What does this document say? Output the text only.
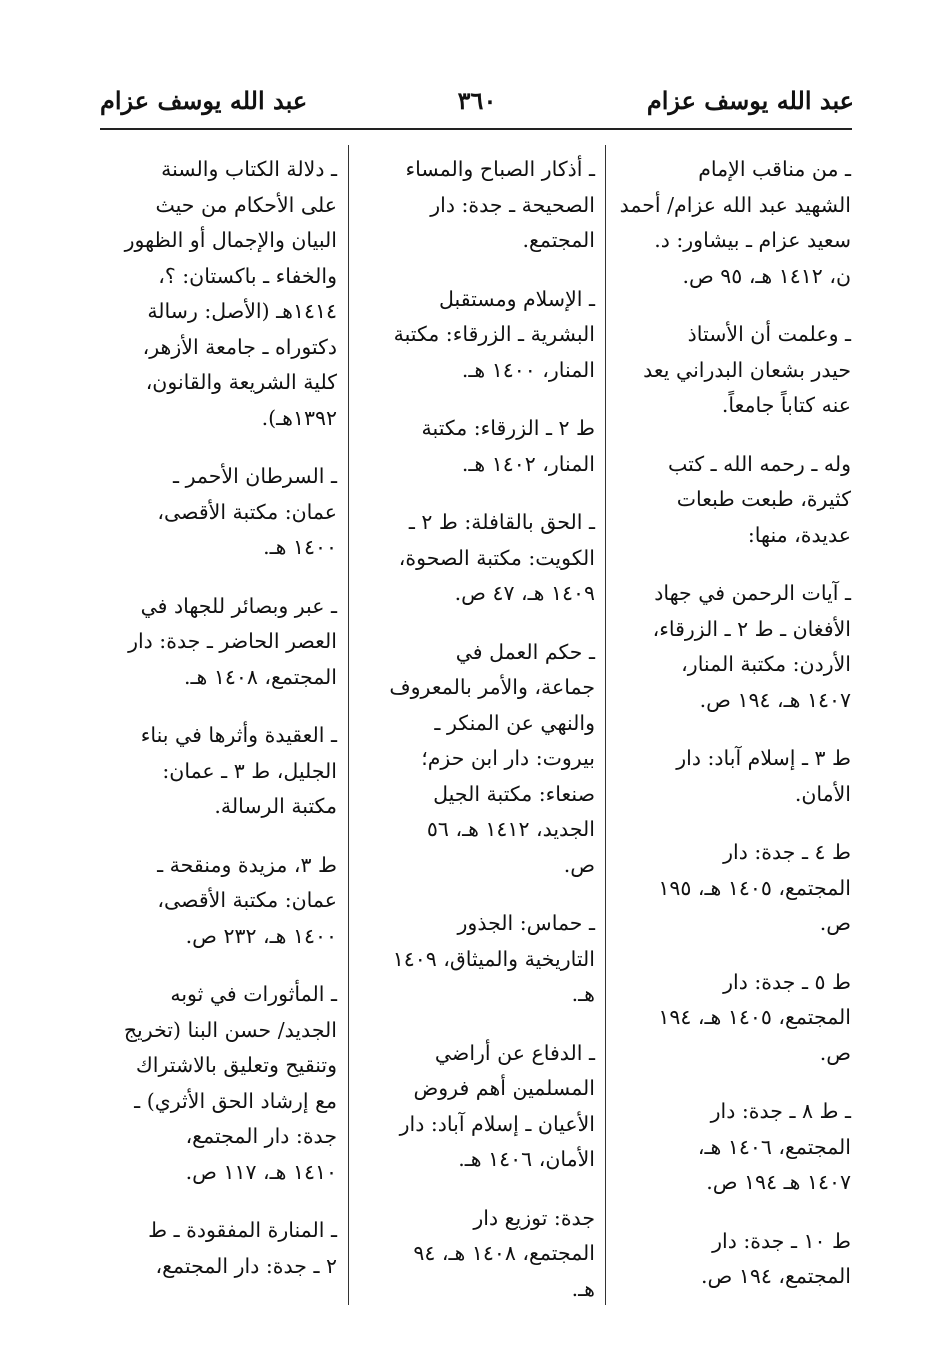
عبد الله يوسف عزام
٣٦٠
عبد الله يوسف عزام
ـ من مناقب الإمام
الشهيد عبد الله عزام/ أحمد
سعيد عزام ـ بيشاور: د.
ن، ١٤١٢ هـ، ٩٥ ص.
ـ وعلمت أن الأستاذ
حيدر بشعان البدراني يعد
عنه كتاباً جامعاً.
وله ـ رحمه الله ـ كتب
كثيرة، طبعت طبعات
عديدة، منها:
ـ آيات الرحمن في جهاد
الأفغان ـ ط ٢ ـ الزرقاء،
الأردن: مكتبة المنار،
١٤٠٧ هـ، ١٩٤ ص.
ط ٣ ـ إسلام آباد: دار
الأمان.
ط ٤ ـ جدة: دار
المجتمع، ١٤٠٥ هـ، ١٩٥
ص.
ط ٥ ـ جدة: دار
المجتمع، ١٤٠٥ هـ، ١٩٤
ص.
ـ ط ٨ ـ جدة: دار
المجتمع، ١٤٠٦ هـ،
١٤٠٧ هـ ١٩٤ ص.
ط ١٠ ـ جدة: دار
المجتمع، ١٩٤ ص.
ـ أذكار الصباح والمساء
الصحيحة ـ جدة: دار
المجتمع.
ـ الإسلام ومستقبل
البشرية ـ الزرقاء: مكتبة
المنار، ١٤٠٠ هـ.
ط ٢ ـ الزرقاء: مكتبة
المنار، ١٤٠٢ هـ.
ـ الحق بالقافلة: ط ٢ ـ
الكويت: مكتبة الصحوة،
١٤٠٩ هـ، ٤٧ ص.
ـ حكم العمل في
جماعة، والأمر بالمعروف
والنهي عن المنكر ـ
بيروت: دار ابن حزم؛
صنعاء: مكتبة الجيل
الجديد، ١٤١٢ هـ، ٥٦
ص.
ـ حماس: الجذور
التاريخية والميثاق، ١٤٠٩
هـ.
ـ الدفاع عن أراضي
المسلمين أهم فروض
الأعيان ـ إسلام آباد: دار
الأمان، ١٤٠٦ هـ.
جدة: توزيع دار
المجتمع، ١٤٠٨ هـ، ٩٤
هـ.
ـ دلالة الكتاب والسنة
على الأحكام من حيث
البيان والإجمال أو الظهور
والخفاء ـ باكستان: ؟،
١٤١٤هـ (الأصل: رسالة
دكتوراه ـ جامعة الأزهر،
كلية الشريعة والقانون،
١٣٩٢هـ).
ـ السرطان الأحمر ـ
عمان: مكتبة الأقصى،
١٤٠٠ هـ.
ـ عبر وبصائر للجهاد في
العصر الحاضر ـ جدة: دار
المجتمع، ١٤٠٨ هـ.
ـ العقيدة وأثرها في بناء
الجليل، ط ٣ ـ عمان:
مكتبة الرسالة.
ط ٣، مزيدة ومنقحة ـ
عمان: مكتبة الأقصى،
١٤٠٠ هـ، ٢٣٢ ص.
ـ المأثورات في ثوبه
الجديد/ حسن البنا (تخريج
وتنقيح وتعليق بالاشتراك
مع إرشاد الحق الأثري) ـ
جدة: دار المجتمع،
١٤١٠ هـ، ١١٧ ص.
ـ المنارة المفقودة ـ ط
٢ ـ جدة: دار المجتمع،
